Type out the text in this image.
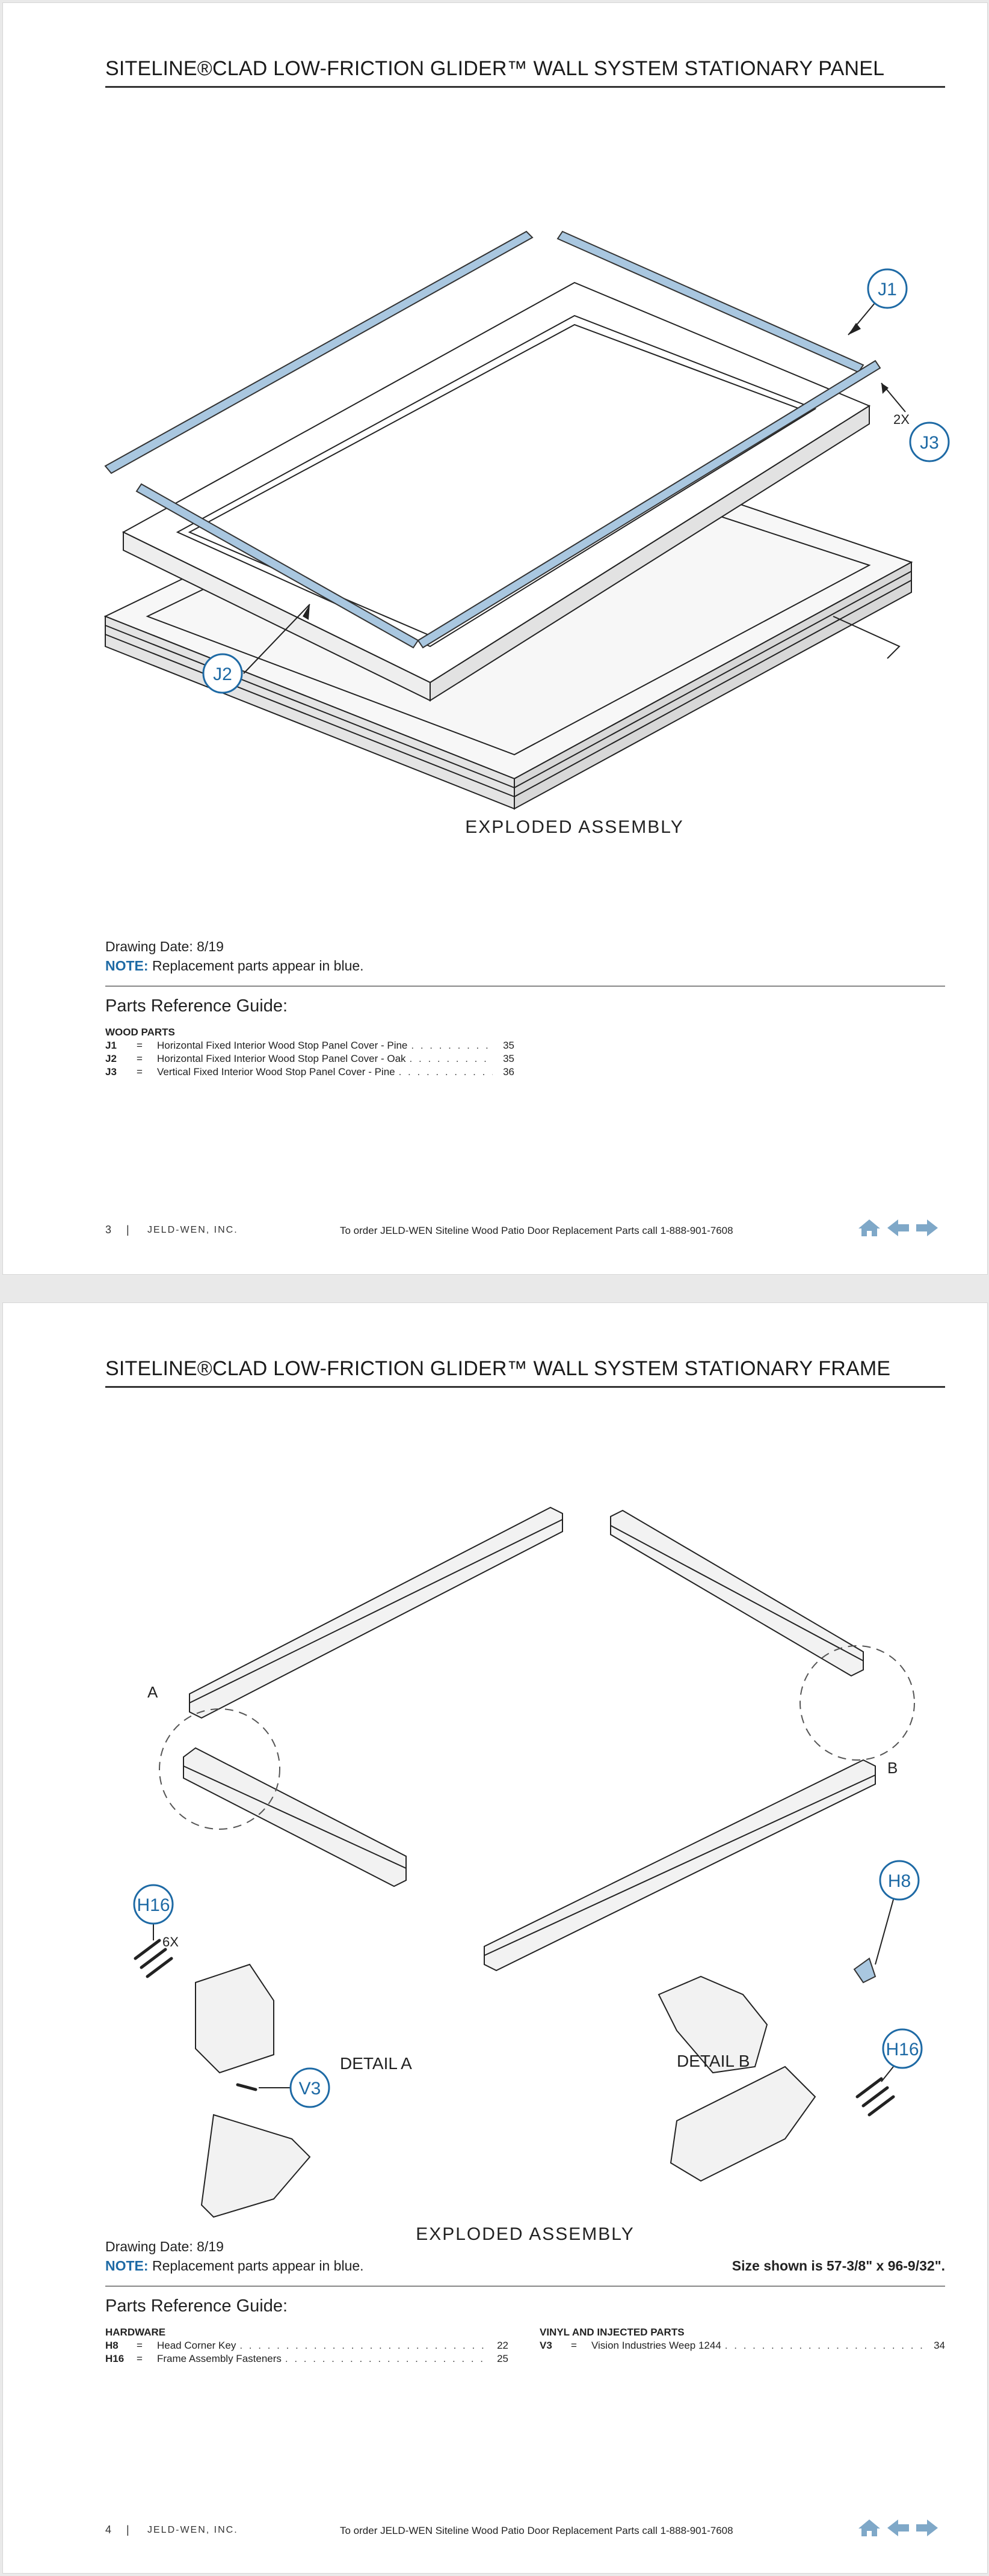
SITELINE®CLAD LOW-FRICTION GLIDER™ WALL SYSTEM STATIONARY PANEL
J1
J3
J2
2X
EXPLODED ASSEMBLY
Drawing Date: 8/19
NOTE: Replacement parts appear in blue.
Parts Reference Guide:
WOOD PARTS
J1	=	Horizontal Fixed Interior Wood Stop Panel Cover - Pine . . .	35
J2	=	Horizontal Fixed Interior Wood Stop Panel Cover - Oak . . .	35
J3	=	Vertical Fixed Interior Wood Stop Panel Cover - Pine . . .	36
3 | JELD-WEN, INC.	To order JELD-WEN Siteline Wood Patio Door Replacement Parts call 1-888-901-7608
SITELINE®CLAD LOW-FRICTION GLIDER™ WALL SYSTEM STATIONARY FRAME
A
B
H16
V3
H8
H16
6X
DETAIL A	DETAIL B
EXPLODED ASSEMBLY
Drawing Date: 8/19
NOTE: Replacement parts appear in blue.	Size shown is 57-3/8" x 96-9/32".
Parts Reference Guide:
HARDWARE
H8	=	Head Corner Key . . .	22
H16	=	Frame Assembly Fasteners . . .	25
VINYL AND INJECTED PARTS
V3	=	Vision Industries Weep 1244 . . .	34
4 | JELD-WEN, INC.	To order JELD-WEN Siteline Wood Patio Door Replacement Parts call 1-888-901-7608
